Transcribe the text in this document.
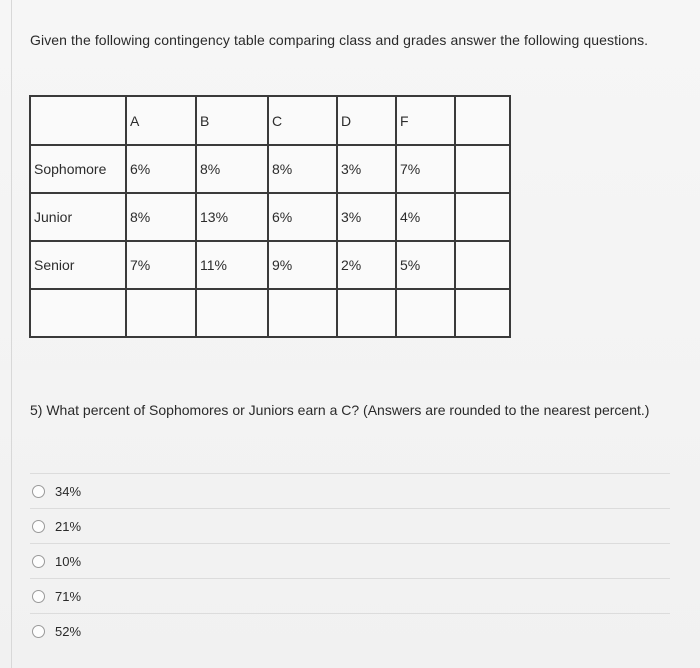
Given the following contingency table comparing class and grades answer the following questions.

	A	B	C	D	F	

Sophomore	6%	8%	8%	3%	7%	

Junior	8%	13%	6%	3%	4%	

Senior	7%	11%	9%	2%	5%	

5) What percent of Sophomores or Juniors earn a C? (Answers are rounded to the nearest percent.)
34%
21%
10%
71%
52%
